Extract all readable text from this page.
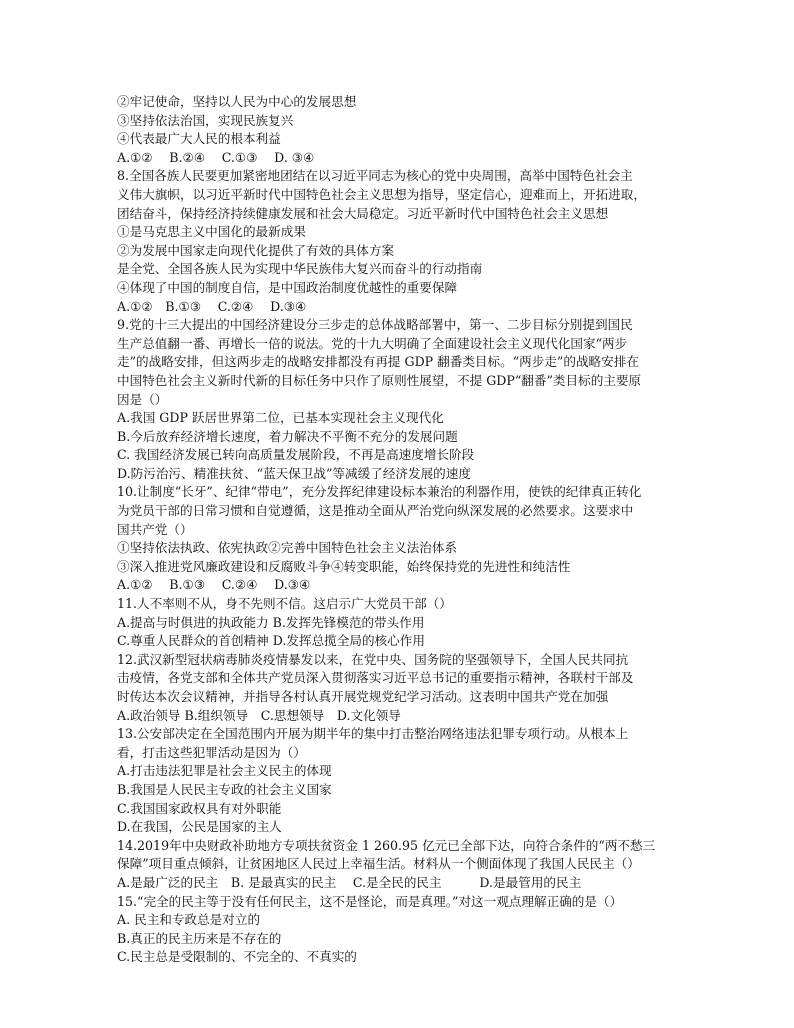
②牢记使命，坚持以人民为中心的发展思想
③坚持依法治国，实现民族复兴
④代表最广大人民的根本利益
A.①②　 B.②④　 C.①③　 D. ③④
8.全国各族人民要更加紧密地团结在以习近平同志为核心的党中央周围，高举中国特色社会主
义伟大旗帜，以习近平新时代中国特色社会主义思想为指导，坚定信心，迎难而上，开拓进取，
团结奋斗，保持经济持续健康发展和社会大局稳定。习近平新时代中国特色社会主义思想
①是马克思主义中国化的最新成果
②为发展中国家走向现代化提供了有效的具体方案
是全党、全国各族人民为实现中华民族伟大复兴而奋斗的行动指南
④体现了中国的制度自信，是中国政治制度优越性的重要保障
A.①②　B.①③　 C.②④　 D.③④
9.党的十三大提出的中国经济建设分三步走的总体战略部署中，第一、二步目标分别提到国民
生产总值翻一番、再增长一倍的说法。党的十九大明确了全面建设社会主义现代化国家“两步
走”的战略安排，但这两步走的战略安排都没有再提 GDP 翻番类目标。“两步走”的战略安排在
中国特色社会主义新时代新的目标任务中只作了原则性展望，不提 GDP“翻番”类目标的主要原
因是（）
A.我国 GDP 跃居世界第二位，已基本实现社会主义现代化
B.今后放弃经济增长速度，着力解决不平衡不充分的发展问题
C. 我国经济发展已转向高质量发展阶段，不再是高速度增长阶段
D.防污治污、精准扶贫、“蓝天保卫战”等减缓了经济发展的速度
10.让制度“长牙”、纪律“带电”，充分发挥纪律建设标本兼治的利器作用，使铁的纪律真正转化
为党员干部的日常习惯和自觉遵循，这是推动全面从严治党向纵深发展的必然要求。这要求中
国共产党（）
①坚持依法执政、依宪执政②完善中国特色社会主义法治体系
③深入推进党风廉政建设和反腐败斗争④转变职能，始终保持党的先进性和纯洁性
A.①②　 B.①③　 C.②④　 D.③④
11.人不率则不从，身不先则不信。这启示广大党员干部（）
A.提高与时俱进的执政能力 B.发挥先锋模范的带头作用
C.尊重人民群众的首创精神 D.发挥总揽全局的核心作用
12.武汉新型冠状病毒肺炎疫情暴发以来，在党中央、国务院的坚强领导下，全国人民共同抗
击疫情，各党支部和全体共产党员深入贯彻落实习近平总书记的重要指示精神，各联村干部及
时传达本次会议精神，并指导各村认真开展党规党纪学习活动。这表明中国共产党在加强
A.政治领导 B.组织领导　C.思想领导　D.文化领导
13.公安部决定在全国范围内开展为期半年的集中打击整治网络违法犯罪专项行动。从根本上
看，打击这些犯罪活动是因为（）
A.打击违法犯罪是社会主义民主的体现
B.我国是人民民主专政的社会主义国家
C.我国国家政权具有对外职能
D.在我国，公民是国家的主人
14.2019年中央财政补助地方专项扶贫资金 1 260.95 亿元已全部下达，向符合条件的“两不愁三
保障”项目重点倾斜，让贫困地区人民过上幸福生活。材料从一个侧面体现了我国人民民主（）
A.是最广泛的民主　B. 是最真实的民主　 C.是全民的民主　　　D.是最管用的民主
15.“完全的民主等于没有任何民主，这不是怪论，而是真理。”对这一观点理解正确的是（）
A. 民主和专政总是对立的
B.真正的民主历来是不存在的
C.民主总是受限制的、不完全的、不真实的
